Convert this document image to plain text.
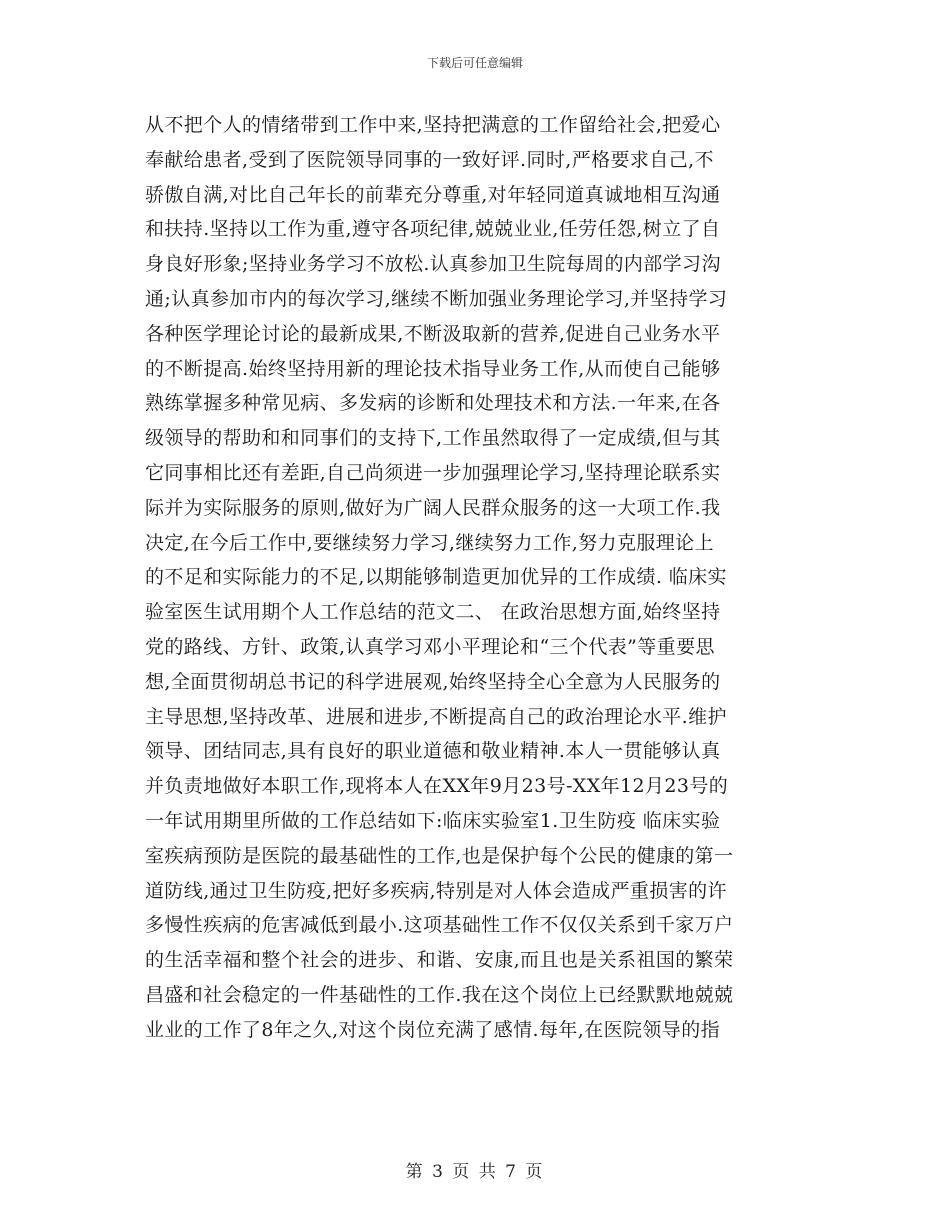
下载后可任意编辑
从不把个人的情绪带到工作中来,坚持把满意的工作留给社会,把爱心
奉献给患者,受到了医院领导同事的一致好评.同时,严格要求自己,不
骄傲自满,对比自己年长的前辈充分尊重,对年轻同道真诚地相互沟通
和扶持.坚持以工作为重,遵守各项纪律,兢兢业业,任劳任怨,树立了自
身良好形象;坚持业务学习不放松.认真参加卫生院每周的内部学习沟
通;认真参加市内的每次学习,继续不断加强业务理论学习,并坚持学习
各种医学理论讨论的最新成果,不断汲取新的营养,促进自己业务水平
的不断提高.始终坚持用新的理论技术指导业务工作,从而使自己能够
熟练掌握多种常见病、多发病的诊断和处理技术和方法.一年来,在各
级领导的帮助和和同事们的支持下,工作虽然取得了一定成绩,但与其
它同事相比还有差距,自己尚须进一步加强理论学习,坚持理论联系实
际并为实际服务的原则,做好为广阔人民群众服务的这一大项工作.我
决定,在今后工作中,要继续努力学习,继续努力工作,努力克服理论上
的不足和实际能力的不足,以期能够制造更加优异的工作成绩. 临床实
验室医生试用期个人工作总结的范文二、 在政治思想方面,始终坚持
党的路线、方针、政策,认真学习邓小平理论和“三个代表”等重要思
想,全面贯彻胡总书记的科学进展观,始终坚持全心全意为人民服务的
主导思想,坚持改革、进展和进步,不断提高自己的政治理论水平.维护
领导、团结同志,具有良好的职业道德和敬业精神.本人一贯能够认真
并负责地做好本职工作,现将本人在XX年9月23号-XX年12月23号的
一年试用期里所做的工作总结如下:临床实验室1.卫生防疫 临床实验
室疾病预防是医院的最基础性的工作,也是保护每个公民的健康的第一
道防线,通过卫生防疫,把好多疾病,特别是对人体会造成严重损害的许
多慢性疾病的危害减低到最小.这项基础性工作不仅仅关系到千家万户
的生活幸福和整个社会的进步、和谐、安康,而且也是关系祖国的繁荣
昌盛和社会稳定的一件基础性的工作.我在这个岗位上已经默默地兢兢
业业的工作了8年之久,对这个岗位充满了感情.每年,在医院领导的指
第 3 页 共 7 页
